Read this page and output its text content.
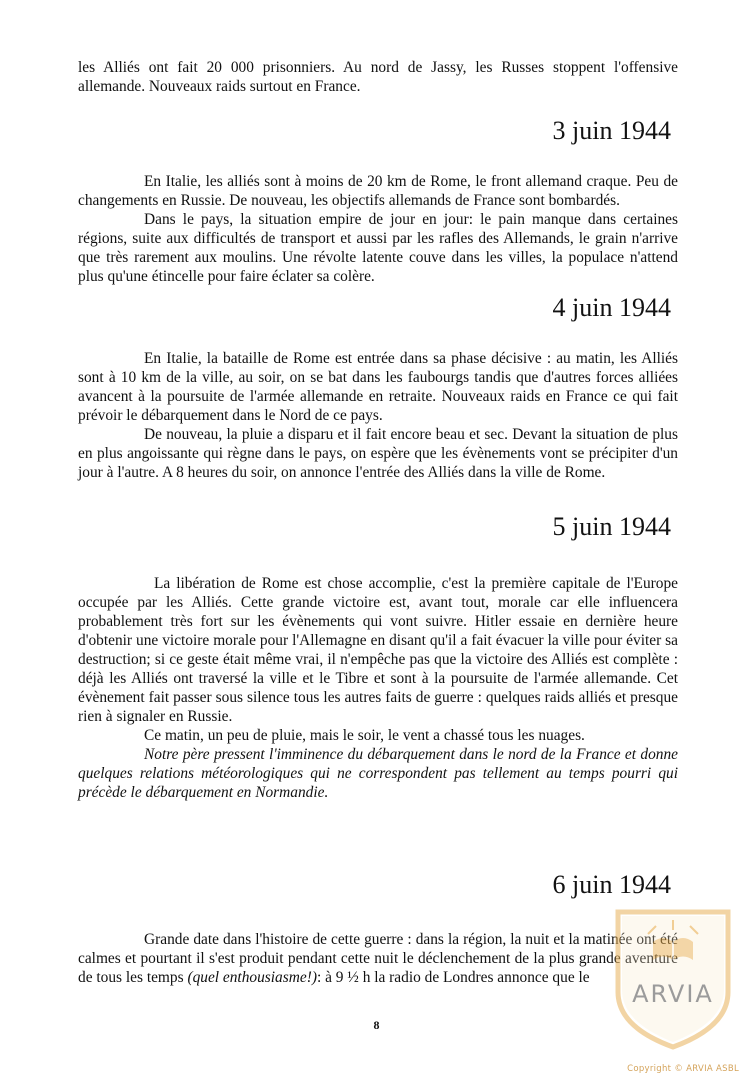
les Alliés ont fait 20 000 prisonniers. Au nord de Jassy, les Russes stoppent l'offensive allemande. Nouveaux raids surtout en France.

3 juin 1944

En Italie, les alliés sont à moins de 20 km de Rome, le front allemand craque. Peu de changements en Russie. De nouveau, les objectifs allemands de France sont bombardés.

Dans le pays, la situation empire de jour en jour: le pain manque dans certaines régions, suite aux difficultés de transport et aussi par les rafles des Allemands, le grain n'arrive que très rarement aux moulins. Une révolte latente couve dans les villes, la populace n'attend plus qu'une étincelle pour faire éclater sa colère.

4 juin 1944

En Italie, la bataille de Rome est entrée dans sa phase décisive : au matin, les Alliés sont à 10 km de la ville, au soir, on se bat dans les faubourgs tandis que d'autres forces alliées avancent à la poursuite de l'armée allemande en retraite. Nouveaux raids en France ce qui fait prévoir le débarquement dans le Nord de ce pays.

De nouveau, la pluie a disparu et il fait encore beau et sec. Devant la situation de plus en plus angoissante qui règne dans le pays, on espère que les évènements vont se précipiter d'un jour à l'autre. A 8 heures du soir, on annonce l'entrée des Alliés dans la ville de Rome.

5 juin 1944

La libération de Rome est chose accomplie, c'est la première capitale de l'Europe occupée par les Alliés. Cette grande victoire est, avant tout, morale car elle influencera probablement très fort sur les évènements qui vont suivre. Hitler essaie en dernière heure d'obtenir une victoire morale pour l'Allemagne en disant qu'il a fait évacuer la ville pour éviter sa destruction; si ce geste était même vrai, il n'empêche pas que la victoire des Alliés est complète : déjà les Alliés ont traversé la ville et le Tibre et sont à la poursuite de l'armée allemande. Cet évènement fait passer sous silence tous les autres faits de guerre : quelques raids alliés et presque rien à signaler en Russie.

Ce matin, un peu de pluie, mais le soir, le vent a chassé tous les nuages.

Notre père pressent l'imminence du débarquement dans le nord de la France et donne quelques relations météorologiques qui ne correspondent pas tellement au temps pourri qui précède le débarquement en Normandie.

6 juin 1944

Grande date dans l'histoire de cette guerre : dans la région, la nuit et la matinée ont été calmes et pourtant il s'est produit pendant cette nuit le déclenchement de la plus grande aventure de tous les temps (quel enthousiasme!): à 9 ½ h la radio de Londres annonce que le

8
ARVIA
Copyright © ARVIA ASBL
